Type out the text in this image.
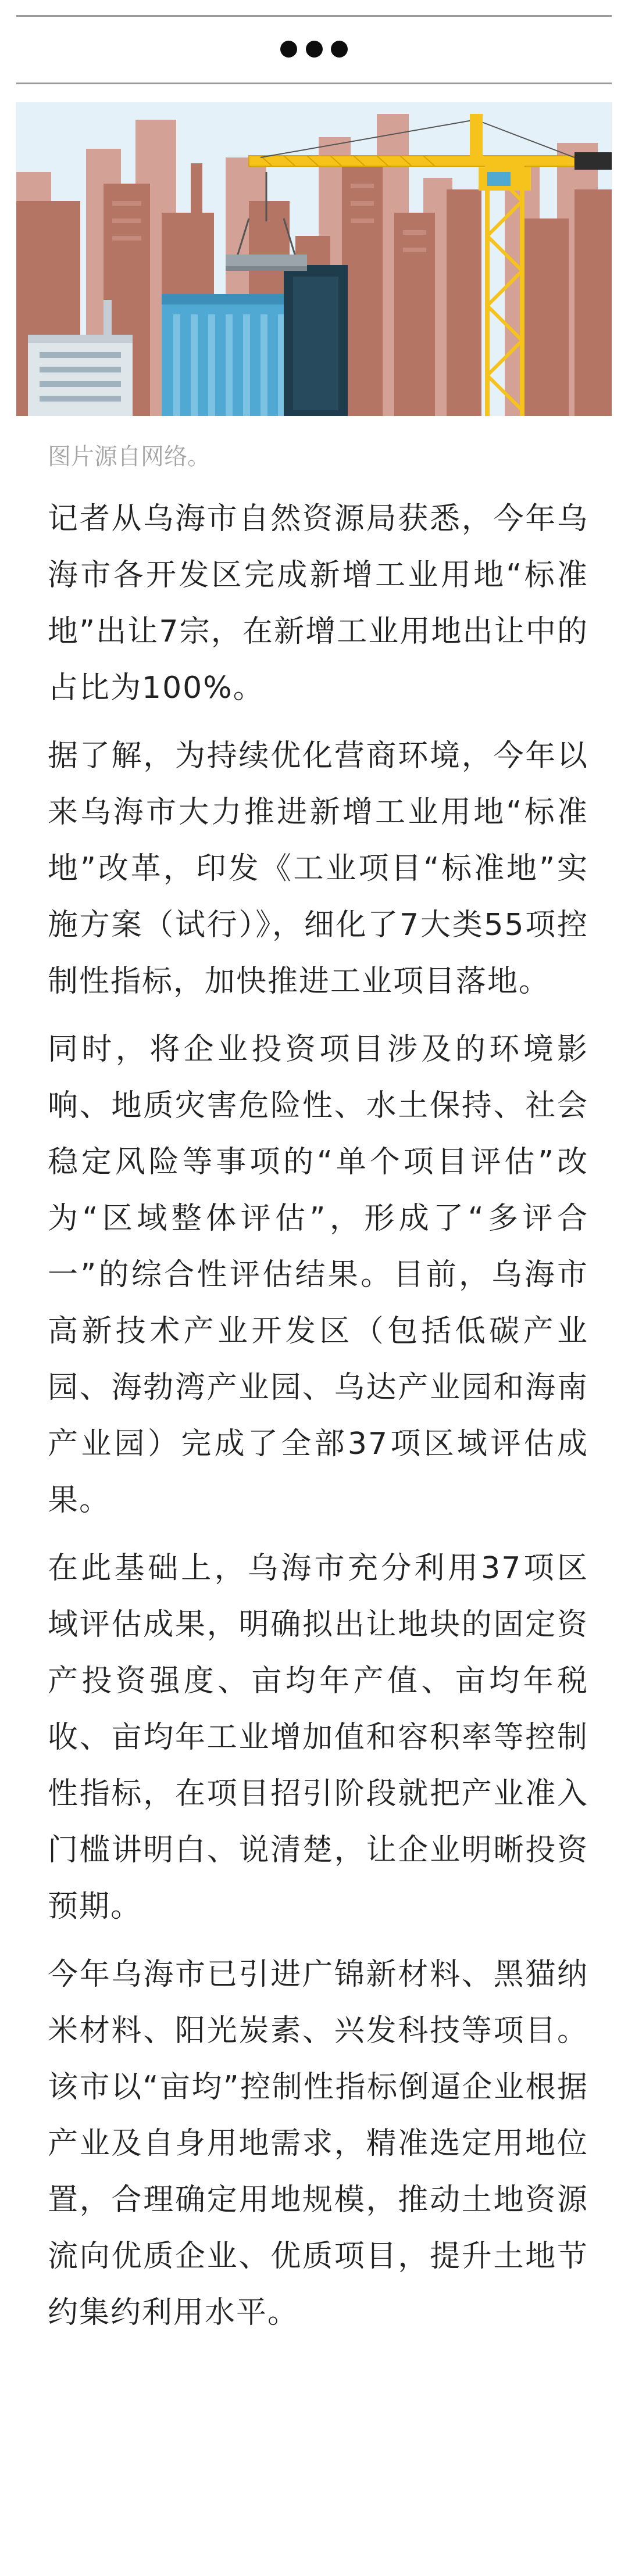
图片源自网络。

记者从乌海市自然资源局获悉，今年乌海市各开发区完成新增工业用地“标准地”出让7宗，在新增工业用地出让中的占比为100%。

据了解，为持续优化营商环境，今年以来乌海市大力推进新增工业用地“标准地”改革，印发《工业项目“标准地”实施方案（试行）》，细化了7大类55项控制性指标，加快推进工业项目落地。

同时，将企业投资项目涉及的环境影响、地质灾害危险性、水土保持、社会稳定风险等事项的“单个项目评估”改为“区域整体评估”，形成了“多评合一”的综合性评估结果。目前，乌海市高新技术产业开发区（包括低碳产业园、海勃湾产业园、乌达产业园和海南产业园）完成了全部37项区域评估成果。

在此基础上，乌海市充分利用37项区域评估成果，明确拟出让地块的固定资产投资强度、亩均年产值、亩均年税收、亩均年工业增加值和容积率等控制性指标，在项目招引阶段就把产业准入门槛讲明白、说清楚，让企业明晰投资预期。

今年乌海市已引进广锦新材料、黑猫纳米材料、阳光炭素、兴发科技等项目。该市以“亩均”控制性指标倒逼企业根据产业及自身用地需求，精准选定用地位置，合理确定用地规模，推动土地资源流向优质企业、优质项目，提升土地节约集约利用水平。
